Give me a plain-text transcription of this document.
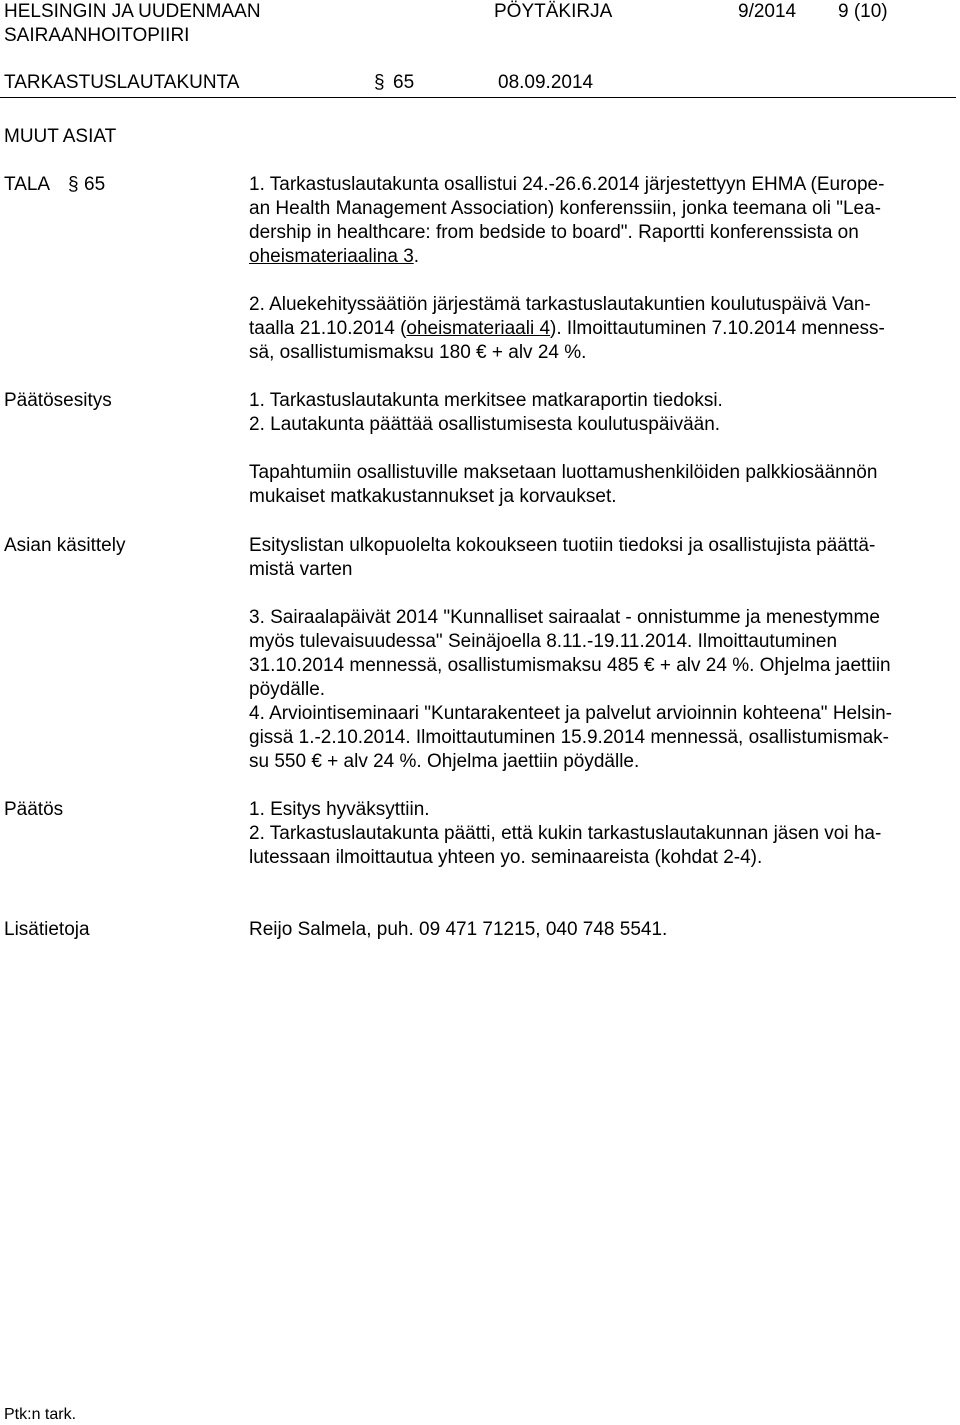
HELSINGIN JA UUDENMAAN
SAIRAANHOITOPIIRI
PÖYTÄKIRJA	9/2014 9 (10)
TARKASTUSLAUTAKUNTA	§ 65	08.09.2014
MUUT ASIAT
TALA § 65	1. Tarkastuslautakunta osallistui 24.-26.6.2014 järjestettyyn EHMA (Europe-
an Health Management Association) konferenssiin, jonka teemana oli "Lea-
dership in healthcare: from bedside to board". Raportti konferenssista on
oheismateriaalina 3.
2. Aluekehityssäätiön järjestämä tarkastuslautakuntien koulutuspäivä Van-
taalla 21.10.2014 (oheismateriaali 4). Ilmoittautuminen 7.10.2014 menness-
sä, osallistumismaksu 180 € + alv 24 %.
Päätösesitys	1. Tarkastuslautakunta merkitsee matkaraportin tiedoksi.
2. Lautakunta päättää osallistumisesta koulutuspäivään.
Tapahtumiin osallistuville maksetaan luottamushenkilöiden palkkiosäännön
mukaiset matkakustannukset ja korvaukset.
Asian käsittely	Esityslistan ulkopuolelta kokoukseen tuotiin tiedoksi ja osallistujista päättä-
mistä varten
3. Sairaalapäivät 2014 "Kunnalliset sairaalat - onnistumme ja menestymme
myös tulevaisuudessa" Seinäjoella 8.11.-19.11.2014. Ilmoittautuminen
31.10.2014 mennessä, osallistumismaksu 485 € + alv 24 %. Ohjelma jaettiin
pöydälle.
4. Arviointiseminaari "Kuntarakenteet ja palvelut arvioinnin kohteena" Helsin-
gissä 1.-2.10.2014. Ilmoittautuminen 15.9.2014 mennessä, osallistumismak-
su 550 € + alv 24 %. Ohjelma jaettiin pöydälle.
Päätös	1. Esitys hyväksyttiin.
2. Tarkastuslautakunta päätti, että kukin tarkastuslautakunnan jäsen voi ha-
lutessaan ilmoittautua yhteen yo. seminaareista (kohdat 2-4).
Lisätietoja	Reijo Salmela, puh. 09 471 71215, 040 748 5541.
Ptk:n tark.
